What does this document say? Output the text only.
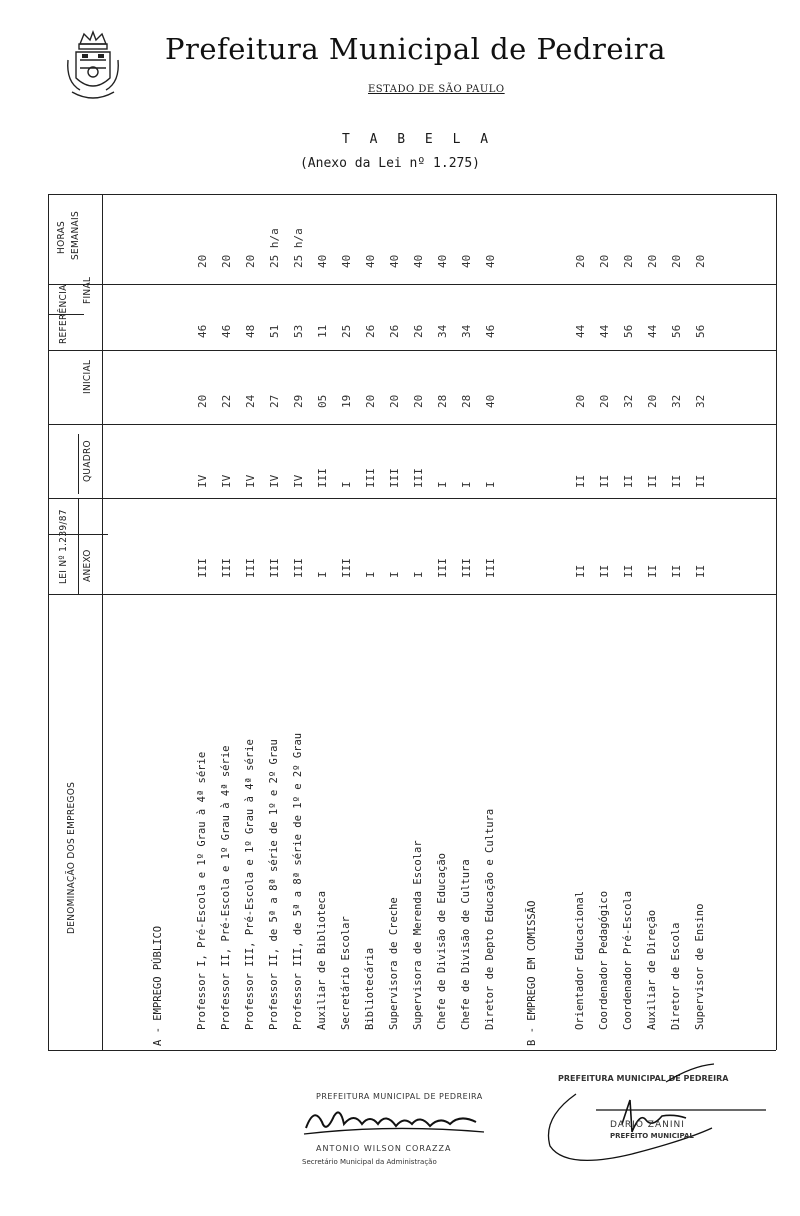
Prefeitura Municipal de Pedreira
ESTADO DE SÃO PAULO
T A B E L A
(Anexo da Lei nº 1.275)
HORAS SEMANAIS
REFERÊNCIA FINAL
INICIAL
LEI Nº 1.239/87
QUADRO
ANEXO
DENOMINAÇÃO DOS EMPREGOS
20
46
20
IV
III
Professor I, Pré-Escola e 1º Grau à 4ª série
20
46
22
IV
III
Professor II, Pré-Escola e 1º Grau à 4ª série
20
48
24
IV
III
Professor III, Pré-Escola e 1º Grau à 4ª série
25 h/a
51
27
IV
III
Professor II, de 5ª a 8ª série de 1º e 2º Grau
25 h/a
53
29
IV
III
Professor III, de 5ª a 8ª série de 1º e 2º Grau
40
11
05
III
I
Auxiliar de Biblioteca
40
25
19
I
III
Secretário Escolar
40
26
20
III
I
Bibliotecária
40
26
20
III
I
Supervisora de Creche
40
26
20
III
I
Supervisora de Merenda Escolar
40
34
28
I
III
Chefe de Divisão de Educação
40
34
28
I
III
Chefe de Divisão de Cultura
40
46
40
I
III
Diretor de Depto Educação e Cultura
20
44
20
II
II
Orientador Educacional
20
44
20
II
II
Coordenador Pedagógico
20
56
32
II
II
Coordenador Pré-Escola
20
44
20
II
II
Auxiliar de Direção
20
56
32
II
II
Diretor de Escola
20
56
32
II
II
Supervisor de Ensino
A - EMPREGO PÚBLICO	B - EMPREGO EM COMISSÃO
PREFEITURA MUNICIPAL DE PEDREIRA
ANTONIO WILSON CORAZZA
Secretário Municipal da Administração
PREFEITURA MUNICIPAL DE PEDREIRA
DARIO ZANINI
PREFEITO MUNICIPAL
